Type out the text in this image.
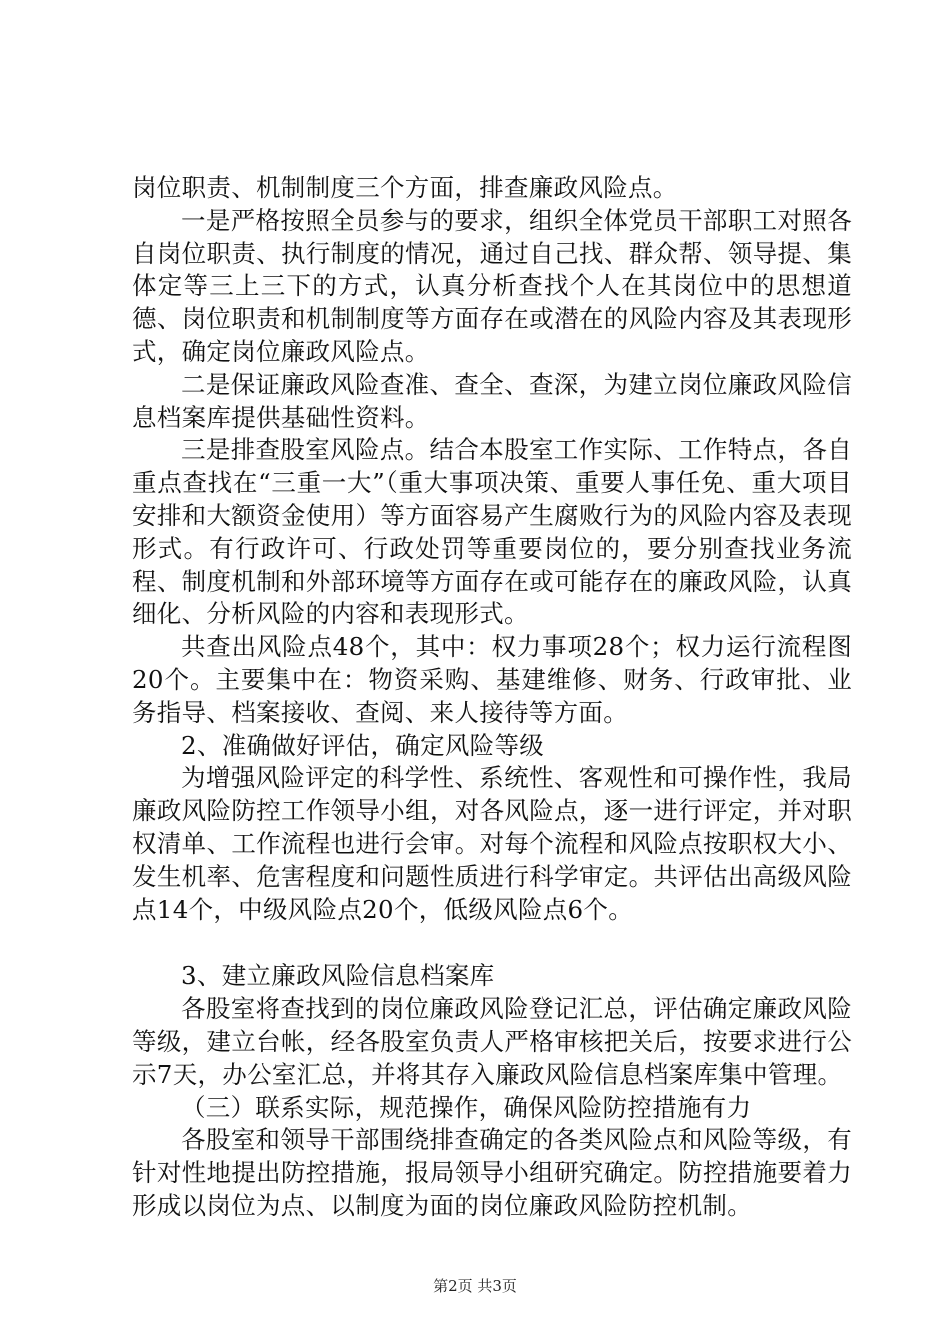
岗位职责、机制制度三个方面，排查廉政风险点。

一是严格按照全员参与的要求，组织全体党员干部职工对照各自岗位职责、执行制度的情况，通过自己找、群众帮、领导提、集体定等三上三下的方式，认真分析查找个人在其岗位中的思想道德、岗位职责和机制制度等方面存在或潜在的风险内容及其表现形式，确定岗位廉政风险点。

二是保证廉政风险查准、查全、查深，为建立岗位廉政风险信息档案库提供基础性资料。

三是排查股室风险点。结合本股室工作实际、工作特点，各自重点查找在“三重一大”（重大事项决策、重要人事任免、重大项目安排和大额资金使用）等方面容易产生腐败行为的风险内容及表现形式。有行政许可、行政处罚等重要岗位的，要分别查找业务流程、制度机制和外部环境等方面存在或可能存在的廉政风险，认真细化、分析风险的内容和表现形式。

共查出风险点48个，其中：权力事项28个；权力运行流程图20个。主要集中在：物资采购、基建维修、财务、行政审批、业务指导、档案接收、查阅、来人接待等方面。

2、准确做好评估，确定风险等级

为增强风险评定的科学性、系统性、客观性和可操作性，我局廉政风险防控工作领导小组，对各风险点，逐一进行评定，并对职权清单、工作流程也进行会审。对每个流程和风险点按职权大小、发生机率、危害程度和问题性质进行科学审定。共评估出高级风险点14个，中级风险点20个，低级风险点6个。

3、建立廉政风险信息档案库

各股室将查找到的岗位廉政风险登记汇总，评估确定廉政风险等级，建立台帐，经各股室负责人严格审核把关后，按要求进行公示7天，办公室汇总，并将其存入廉政风险信息档案库集中管理。

（三）联系实际，规范操作，确保风险防控措施有力

各股室和领导干部围绕排查确定的各类风险点和风险等级，有针对性地提出防控措施，报局领导小组研究确定。防控措施要着力形成以岗位为点、以制度为面的岗位廉政风险防控机制。

第2页 共3页
